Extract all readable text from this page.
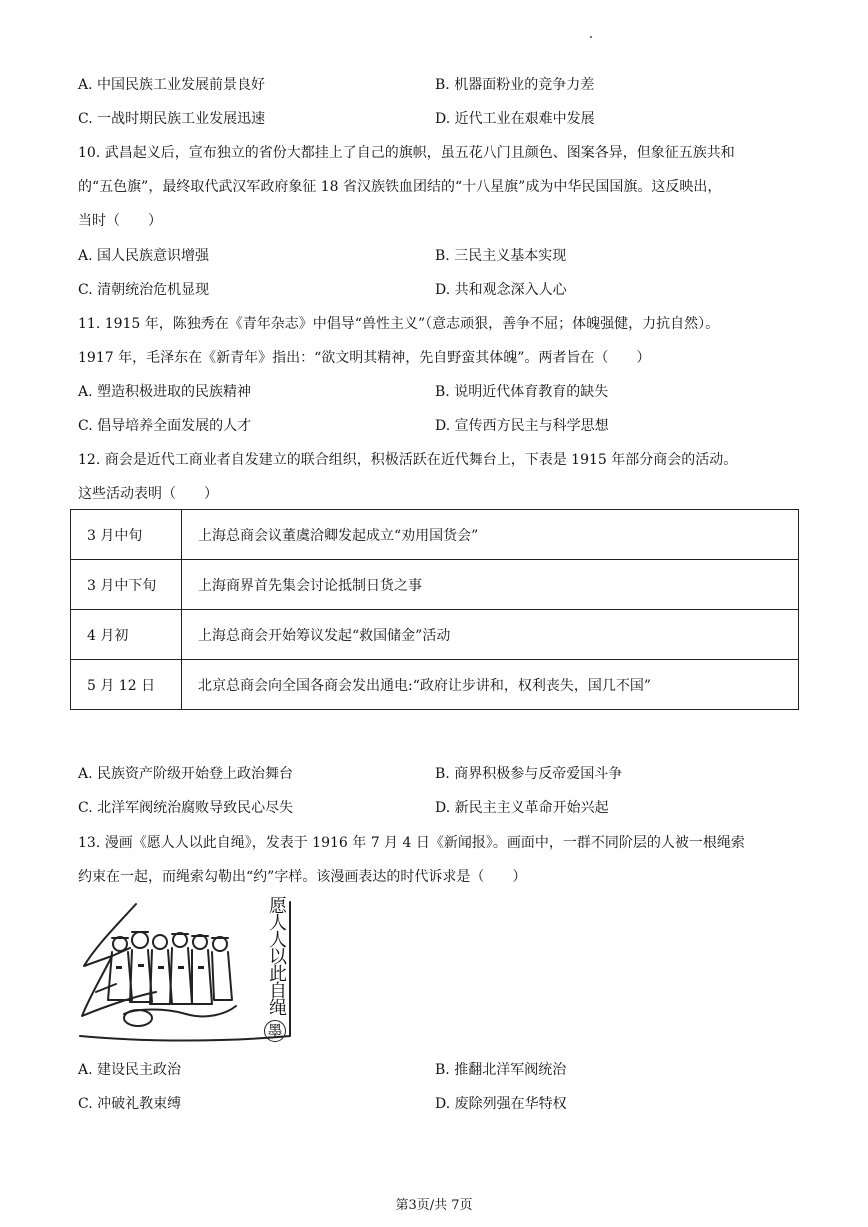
A. 中国民族工业发展前景良好	B. 机器面粉业的竞争力差
C. 一战时期民族工业发展迅速	D. 近代工业在艰难中发展
10. 武昌起义后，宣布独立的省份大都挂上了自己的旗帜，虽五花八门且颜色、图案各异，但象征五族共和
的“五色旗”，最终取代武汉军政府象征 18 省汉族铁血团结的“十八星旗”成为中华民国国旗。这反映出，
当时（　　）
A. 国人民族意识增强	B. 三民主义基本实现
C. 清朝统治危机显现	D. 共和观念深入人心
11. 1915 年，陈独秀在《青年杂志》中倡导“兽性主义”（意志顽狠，善争不屈；体魄强健，力抗自然）。
1917 年，毛泽东在《新青年》指出：“欲文明其精神，先自野蛮其体魄”。两者旨在（　　）
A. 塑造积极进取的民族精神	B. 说明近代体育教育的缺失
C. 倡导培养全面发展的人才	D. 宣传西方民主与科学思想
12. 商会是近代工商业者自发建立的联合组织，积极活跃在近代舞台上，下表是 1915 年部分商会的活动。
这些活动表明（　　）
3 月中旬	上海总商会议董虞洽卿发起成立“劝用国货会”
3 月中下旬	上海商界首先集会讨论抵制日货之事
4 月初	上海总商会开始筹议发起“救国储金”活动
5 月 12 日	北京总商会向全国各商会发出通电:“政府让步讲和，权利丧失，国几不国”
A. 民族资产阶级开始登上政治舞台	B. 商界积极参与反帝爱国斗争
C. 北洋军阀统治腐败导致民心尽失	D. 新民主主义革命开始兴起
13. 漫画《愿人人以此自绳》，发表于 1916 年 7 月 4 日《新闻报》。画面中，一群不同阶层的人被一根绳索
约束在一起，而绳索勾勒出“约”字样。该漫画表达的时代诉求是（　　）
愿
人
人
以
此
自
绳
墨
A. 建设民主政治	B. 推翻北洋军阀统治
C. 冲破礼教束缚	D. 废除列强在华特权
第3页/共 7页
